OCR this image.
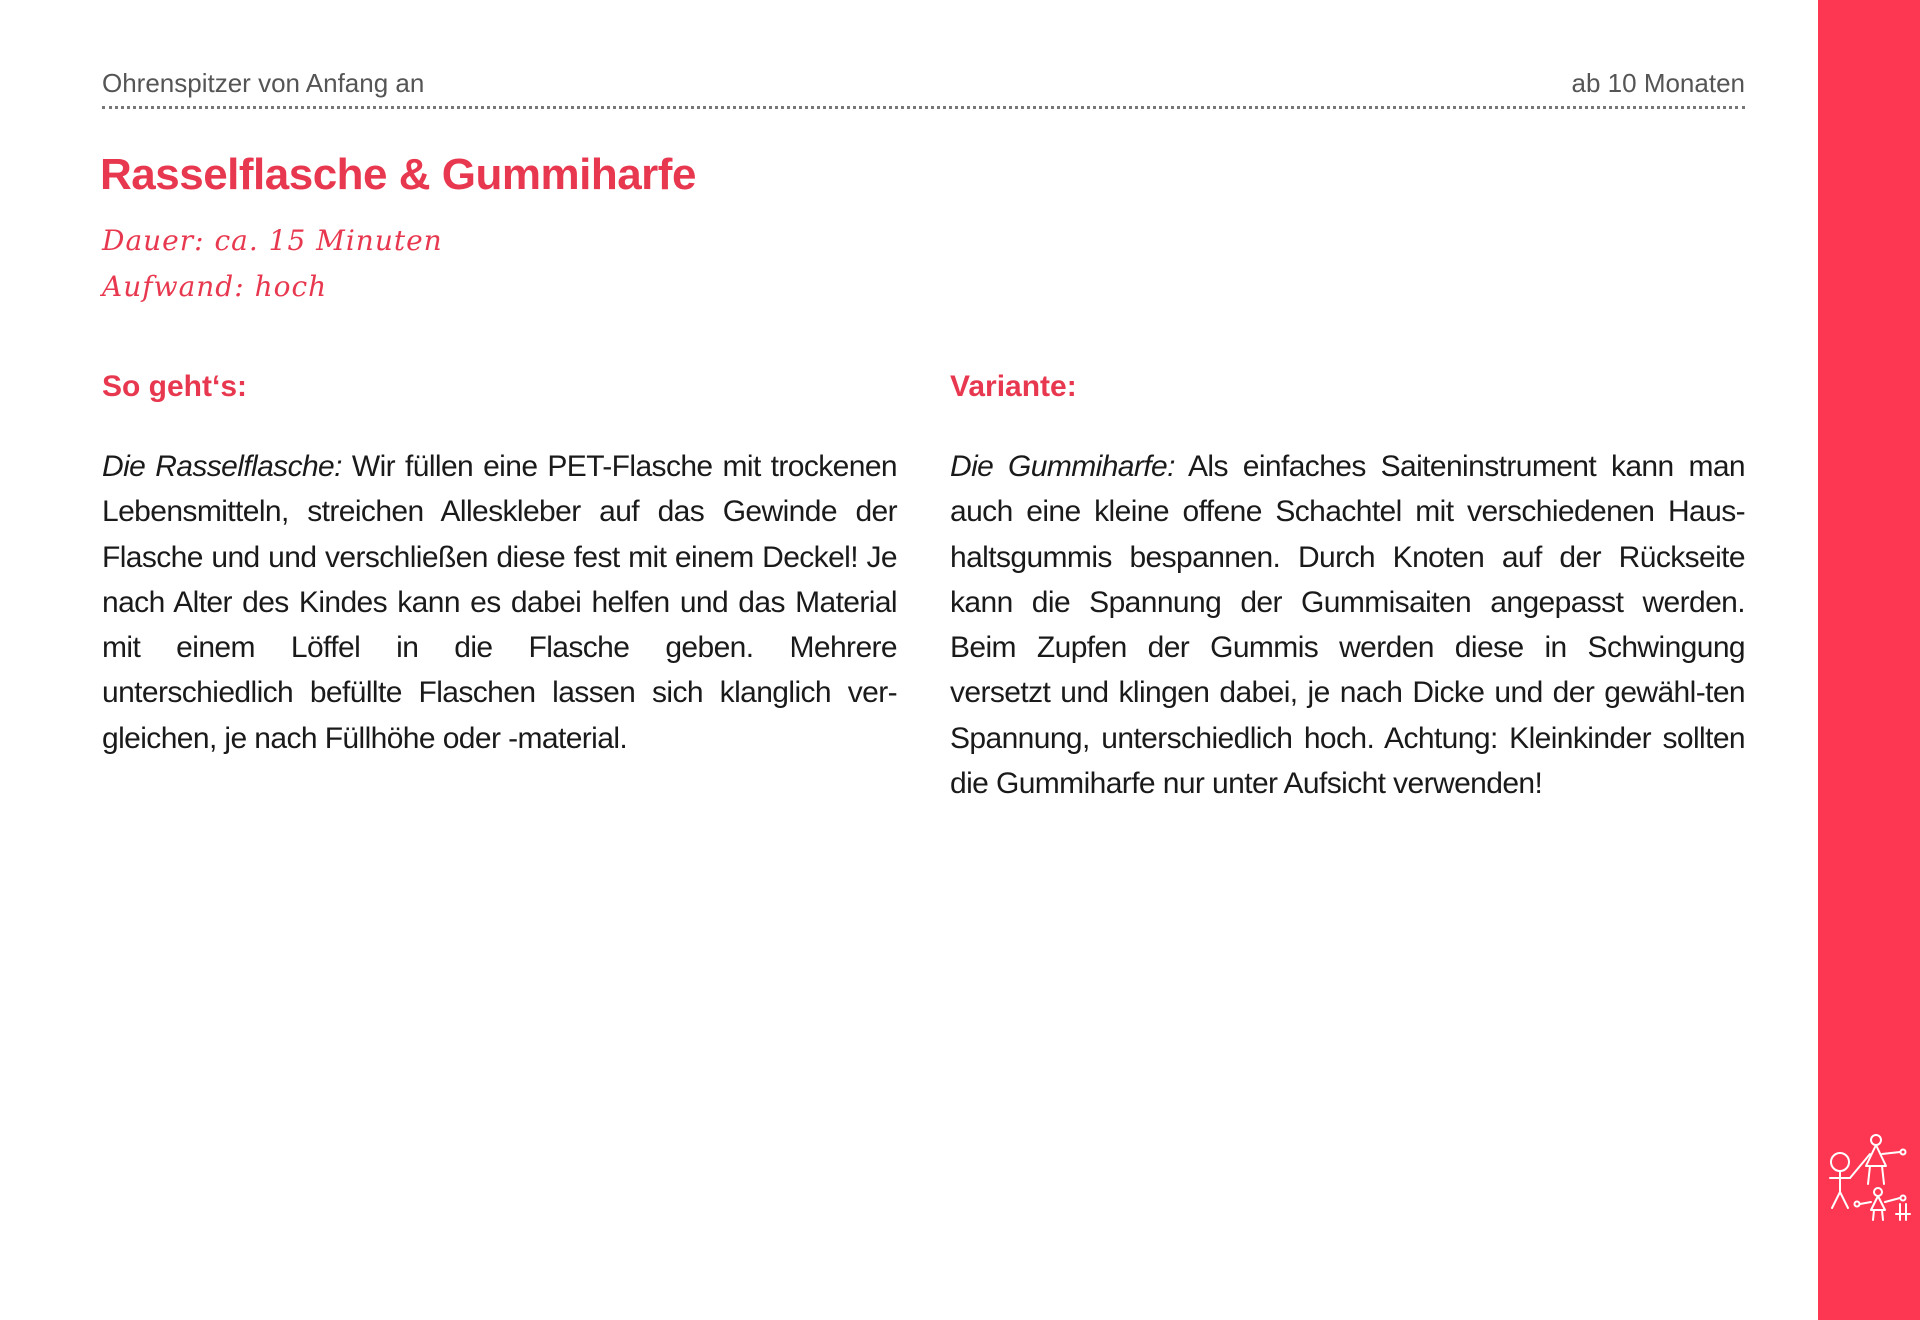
Ohrenspitzer von Anfang an	ab 10 Monaten
Rasselflasche & Gummiharfe
Dauer: ca. 15 Minuten
Aufwand: hoch
So geht‘s:

Die Rasselflasche: Wir füllen eine PET-Flasche mit trockenen Lebensmitteln, streichen Alleskleber auf das Gewinde der Flasche und und verschließen diese fest mit einem Deckel! Je nach Alter des Kindes kann es dabei helfen und das Material mit einem Löffel in die Flasche geben. Mehrere unterschiedlich befüllte Flaschen lassen sich klanglich ver-gleichen, je nach Füllhöhe oder -material.

Variante:

Die Gummiharfe: Als einfaches Saiteninstrument kann man auch eine kleine offene Schachtel mit verschiedenen Haus-haltsgummis bespannen. Durch Knoten auf der Rückseite kann die Spannung der Gummisaiten angepasst werden. Beim Zupfen der Gummis werden diese in Schwingung versetzt und klingen dabei, je nach Dicke und der gewähl-ten Spannung, unterschiedlich hoch. Achtung: Kleinkinder sollten die Gummiharfe nur unter Aufsicht verwenden!
